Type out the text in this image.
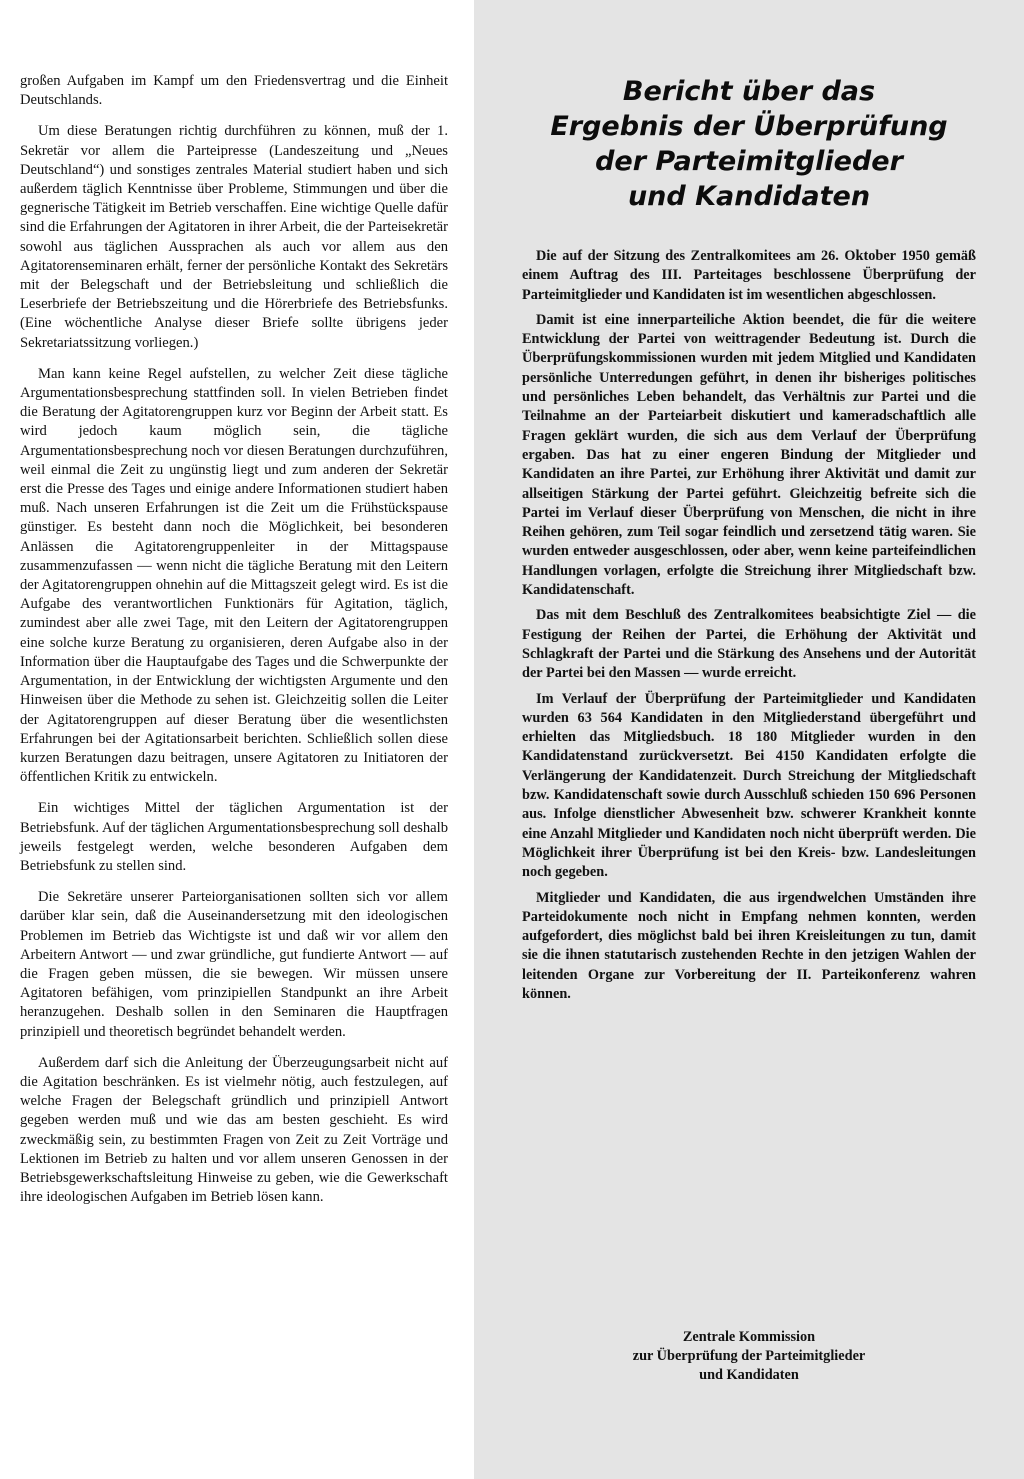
großen Aufgaben im Kampf um den Friedensvertrag und die Einheit Deutschlands.

Um diese Beratungen richtig durchführen zu können, muß der 1. Sekretär vor allem die Parteipresse (Landeszeitung und „Neues Deutschland“) und sonstiges zentrales Material studiert haben und sich außerdem täglich Kenntnisse über Probleme, Stimmungen und über die gegnerische Tätigkeit im Betrieb verschaffen. Eine wichtige Quelle dafür sind die Erfahrungen der Agitatoren in ihrer Arbeit, die der Parteisekretär sowohl aus täglichen Aussprachen als auch vor allem aus den Agitatorenseminaren erhält, ferner der persönliche Kontakt des Sekretärs mit der Belegschaft und der Betriebsleitung und schließlich die Leserbriefe der Betriebszeitung und die Hörerbriefe des Betriebsfunks. (Eine wöchentliche Analyse dieser Briefe sollte übrigens jeder Sekretariatssitzung vorliegen.)

Man kann keine Regel aufstellen, zu welcher Zeit diese tägliche Argumentationsbesprechung stattfinden soll. In vielen Betrieben findet die Beratung der Agitatorengruppen kurz vor Beginn der Arbeit statt. Es wird jedoch kaum möglich sein, die tägliche Argumentationsbesprechung noch vor diesen Beratungen durchzuführen, weil einmal die Zeit zu ungünstig liegt und zum anderen der Sekretär erst die Presse des Tages und einige andere Informationen studiert haben muß. Nach unseren Erfahrungen ist die Zeit um die Frühstückspause günstiger. Es besteht dann noch die Möglichkeit, bei besonderen Anlässen die Agitatorengruppenleiter in der Mittagspause zusammenzufassen — wenn nicht die tägliche Beratung mit den Leitern der Agitatorengruppen ohnehin auf die Mittagszeit gelegt wird. Es ist die Aufgabe des verantwortlichen Funktionärs für Agitation, täglich, zumindest aber alle zwei Tage, mit den Leitern der Agitatorengruppen eine solche kurze Beratung zu organisieren, deren Aufgabe also in der Information über die Hauptaufgabe des Tages und die Schwerpunkte der Argumentation, in der Entwicklung der wichtigsten Argumente und den Hinweisen über die Methode zu sehen ist. Gleichzeitig sollen die Leiter der Agitatorengruppen auf dieser Beratung über die wesentlichsten Erfahrungen bei der Agitationsarbeit berichten. Schließlich sollen diese kurzen Beratungen dazu beitragen, unsere Agitatoren zu Initiatoren der öffentlichen Kritik zu entwickeln.

Ein wichtiges Mittel der täglichen Argumentation ist der Betriebsfunk. Auf der täglichen Argumentationsbesprechung soll deshalb jeweils festgelegt werden, welche besonderen Aufgaben dem Betriebsfunk zu stellen sind.

Die Sekretäre unserer Parteiorganisationen sollten sich vor allem darüber klar sein, daß die Auseinandersetzung mit den ideologischen Problemen im Betrieb das Wichtigste ist und daß wir vor allem den Arbeitern Antwort — und zwar gründliche, gut fundierte Antwort — auf die Fragen geben müssen, die sie bewegen. Wir müssen unsere Agitatoren befähigen, vom prinzipiellen Standpunkt an ihre Arbeit heranzugehen. Deshalb sollen in den Seminaren die Hauptfragen prinzipiell und theoretisch begründet behandelt werden.

Außerdem darf sich die Anleitung der Überzeugungsarbeit nicht auf die Agitation beschränken. Es ist vielmehr nötig, auch festzulegen, auf welche Fragen der Belegschaft gründlich und prinzipiell Antwort gegeben werden muß und wie das am besten geschieht. Es wird zweckmäßig sein, zu bestimmten Fragen von Zeit zu Zeit Vorträge und Lektionen im Betrieb zu halten und vor allem unseren Genossen in der Betriebsgewerkschaftsleitung Hinweise zu geben, wie die Gewerkschaft ihre ideologischen Aufgaben im Betrieb lösen kann.

Bericht über das
Ergebnis der Überprüfung
der Parteimitglieder
und Kandidaten

Die auf der Sitzung des Zentralkomitees am 26. Oktober 1950 gemäß einem Auftrag des III. Parteitages beschlossene Überprüfung der Parteimitglieder und Kandidaten ist im wesentlichen abgeschlossen.

Damit ist eine innerparteiliche Aktion beendet, die für die weitere Entwicklung der Partei von weittragender Bedeutung ist. Durch die Überprüfungskommissionen wurden mit jedem Mitglied und Kandidaten persönliche Unterredungen geführt, in denen ihr bisheriges politisches und persönliches Leben behandelt, das Verhältnis zur Partei und die Teilnahme an der Parteiarbeit diskutiert und kameradschaftlich alle Fragen geklärt wurden, die sich aus dem Verlauf der Überprüfung ergaben. Das hat zu einer engeren Bindung der Mitglieder und Kandidaten an ihre Partei, zur Erhöhung ihrer Aktivität und damit zur allseitigen Stärkung der Partei geführt. Gleichzeitig befreite sich die Partei im Verlauf dieser Überprüfung von Menschen, die nicht in ihre Reihen gehören, zum Teil sogar feindlich und zersetzend tätig waren. Sie wurden entweder ausgeschlossen, oder aber, wenn keine parteifeindlichen Handlungen vorlagen, erfolgte die Streichung ihrer Mitgliedschaft bzw. Kandidatenschaft.

Das mit dem Beschluß des Zentralkomitees beabsichtigte Ziel — die Festigung der Reihen der Partei, die Erhöhung der Aktivität und Schlagkraft der Partei und die Stärkung des Ansehens und der Autorität der Partei bei den Massen — wurde erreicht.

Im Verlauf der Überprüfung der Parteimitglieder und Kandidaten wurden 63 564 Kandidaten in den Mitgliederstand übergeführt und erhielten das Mitgliedsbuch. 18 180 Mitglieder wurden in den Kandidatenstand zurückversetzt. Bei 4150 Kandidaten erfolgte die Verlängerung der Kandidatenzeit. Durch Streichung der Mitgliedschaft bzw. Kandidatenschaft sowie durch Ausschluß schieden 150 696 Personen aus. Infolge dienstlicher Abwesenheit bzw. schwerer Krankheit konnte eine Anzahl Mitglieder und Kandidaten noch nicht überprüft werden. Die Möglichkeit ihrer Überprüfung ist bei den Kreis- bzw. Landesleitungen noch gegeben.

Mitglieder und Kandidaten, die aus irgendwelchen Umständen ihre Parteidokumente noch nicht in Empfang nehmen konnten, werden aufgefordert, dies möglichst bald bei ihren Kreisleitungen zu tun, damit sie die ihnen statutarisch zustehenden Rechte in den jetzigen Wahlen der leitenden Organe zur Vorbereitung der II. Parteikonferenz wahren können.

Zentrale Kommission
zur Überprüfung der Parteimitglieder
und Kandidaten
